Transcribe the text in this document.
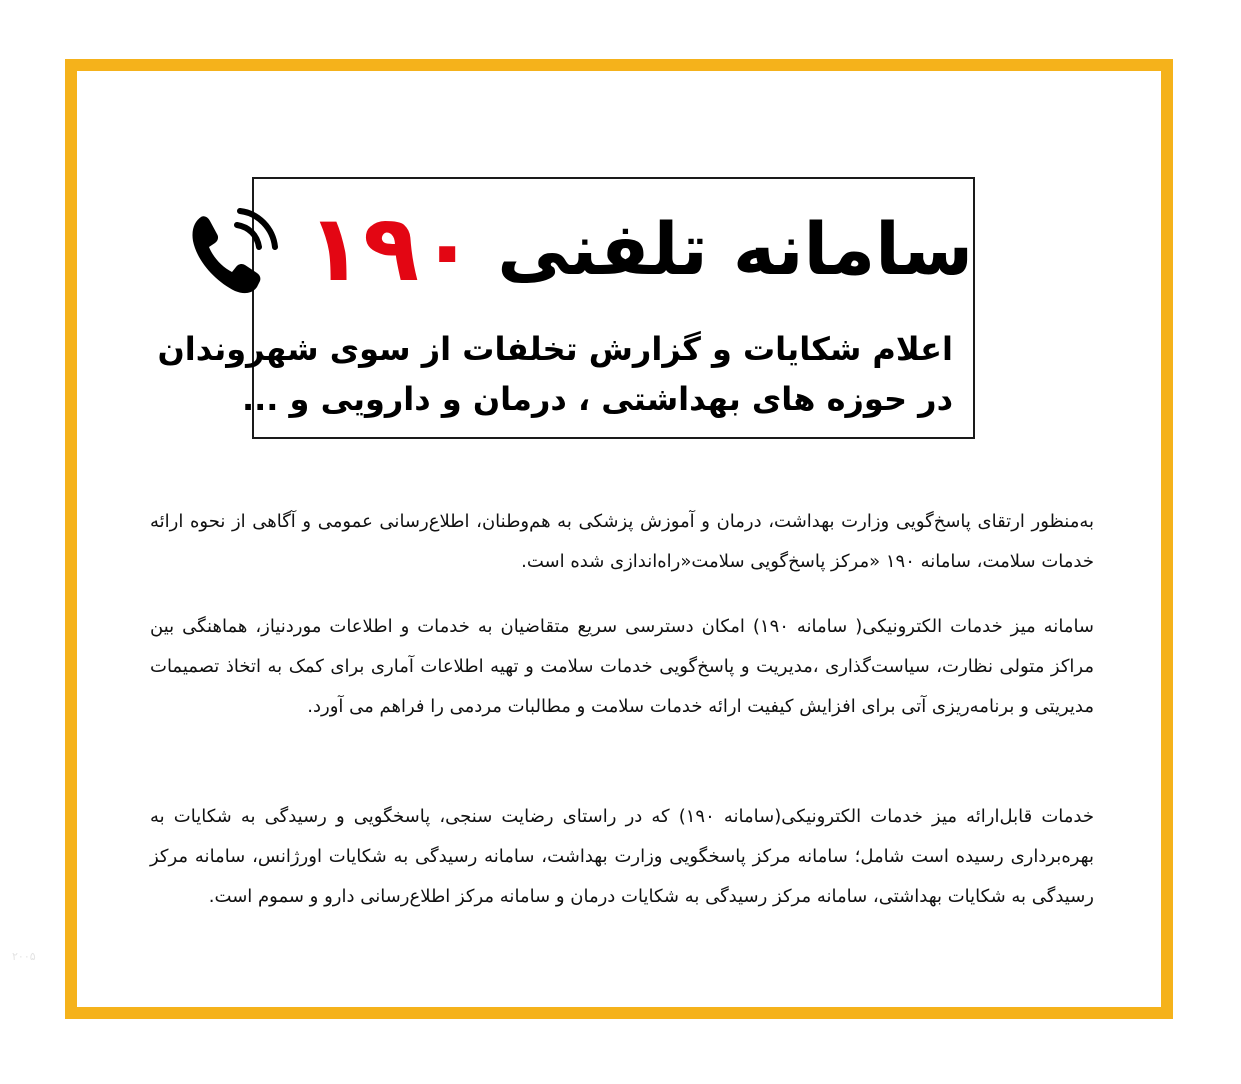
سامانه تلفنی ۱۹۰
اعلام شکایات و گزارش تخلفات از سوی شهروندان
در حوزه های بهداشتی ، درمان و دارویی و ...

به‌منظور ارتقای پاسخ‌گویی وزارت بهداشت، درمان و آموزش پزشکی به هم‌وطنان، اطلاع‌رسانی عمومی و آگاهی از نحوه ارائه خدمات سلامت، سامانه ۱۹۰ «مرکز پاسخ‌گویی سلامت«راه‌اندازی شده است.

سامانه میز خدمات الکترونیکی( سامانه ۱۹۰) امکان دسترسی سریع متقاضیان به خدمات و اطلاعات موردنیاز، هماهنگی بین مراکز متولی نظارت، سیاست‌گذاری ،مدیریت و پاسخ‌گویی خدمات سلامت و تهیه اطلاعات آماری برای کمک به اتخاذ تصمیمات مدیریتی و برنامه‌ریزی آتی برای افزایش کیفیت ارائه خدمات سلامت و مطالبات مردمی را فراهم می آورد.

خدمات قابل‌ارائه میز خدمات الکترونیکی(سامانه ۱۹۰) که در راستای رضایت سنجی، پاسخگویی و رسیدگی به شکایات به بهره‌برداری رسیده است شامل؛ سامانه مرکز پاسخگویی وزارت بهداشت، سامانه رسیدگی به شکایات اورژانس، سامانه مرکز رسیدگی به شکایات بهداشتی، سامانه مرکز رسیدگی به شکایات درمان و سامانه مرکز اطلاع‌رسانی دارو و سموم است.

۲۰۰۵
